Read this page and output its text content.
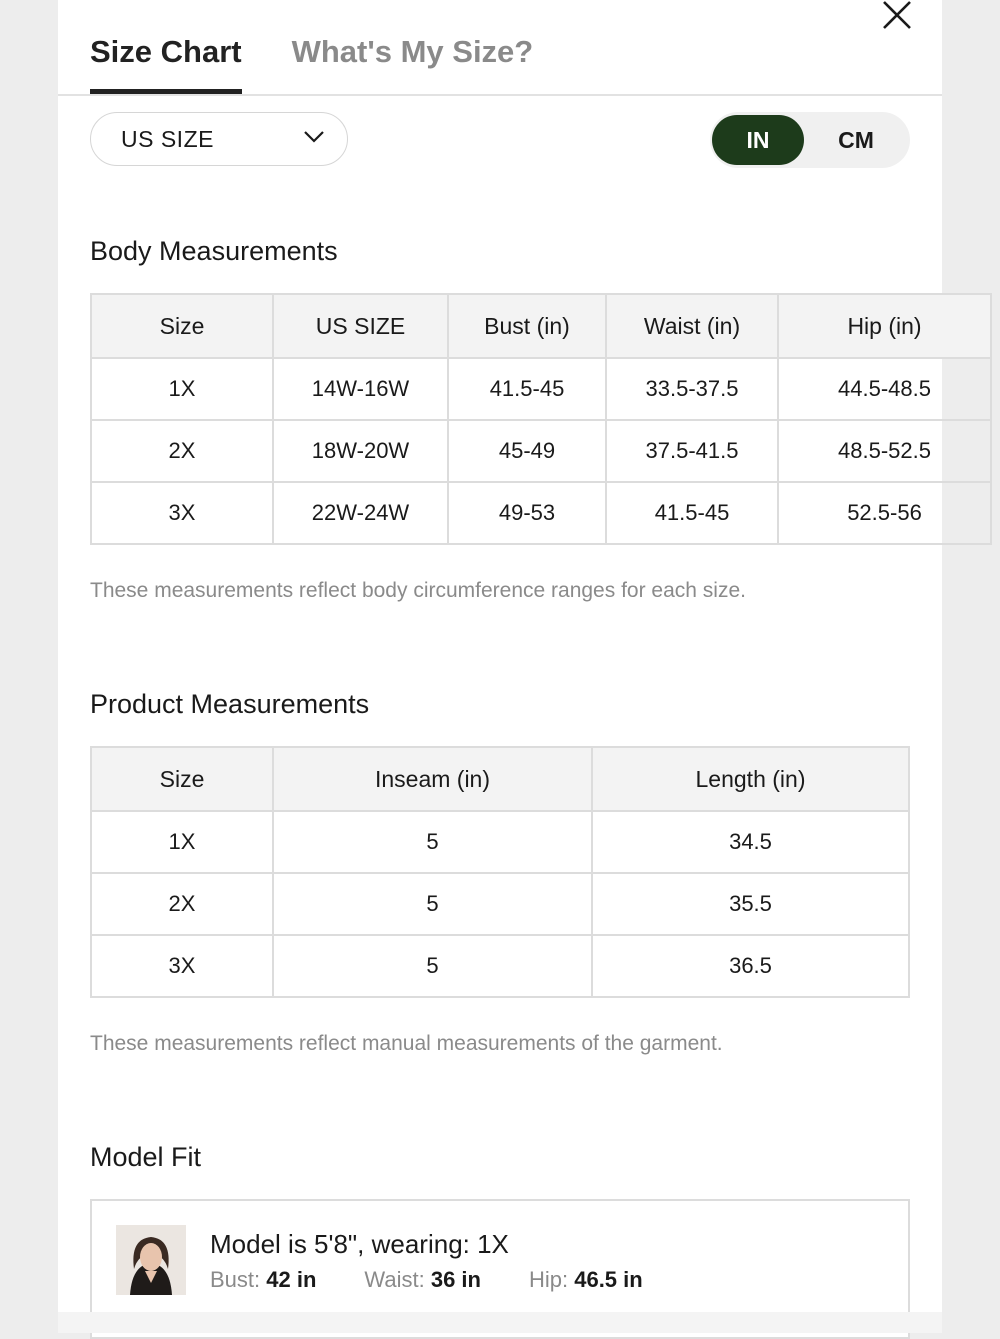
Size Chart What's My Size?
US SIZE	IN	CM
Body Measurements
Size	US SIZE	Bust (in)	Waist (in)	Hip (in)
1X	14W-16W	41.5-45	33.5-37.5	44.5-48.5
2X	18W-20W	45-49	37.5-41.5	48.5-52.5
3X	22W-24W	49-53	41.5-45	52.5-56
These measurements reflect body circumference ranges for each size.
Product Measurements
Size	Inseam (in)	Length (in)
1X	5	34.5
2X	5	35.5
3X	5	36.5
These measurements reflect manual measurements of the garment.
Model Fit
Model is 5'8", wearing: 1X
Bust: 42 in Waist: 36 in Hip: 46.5 in
